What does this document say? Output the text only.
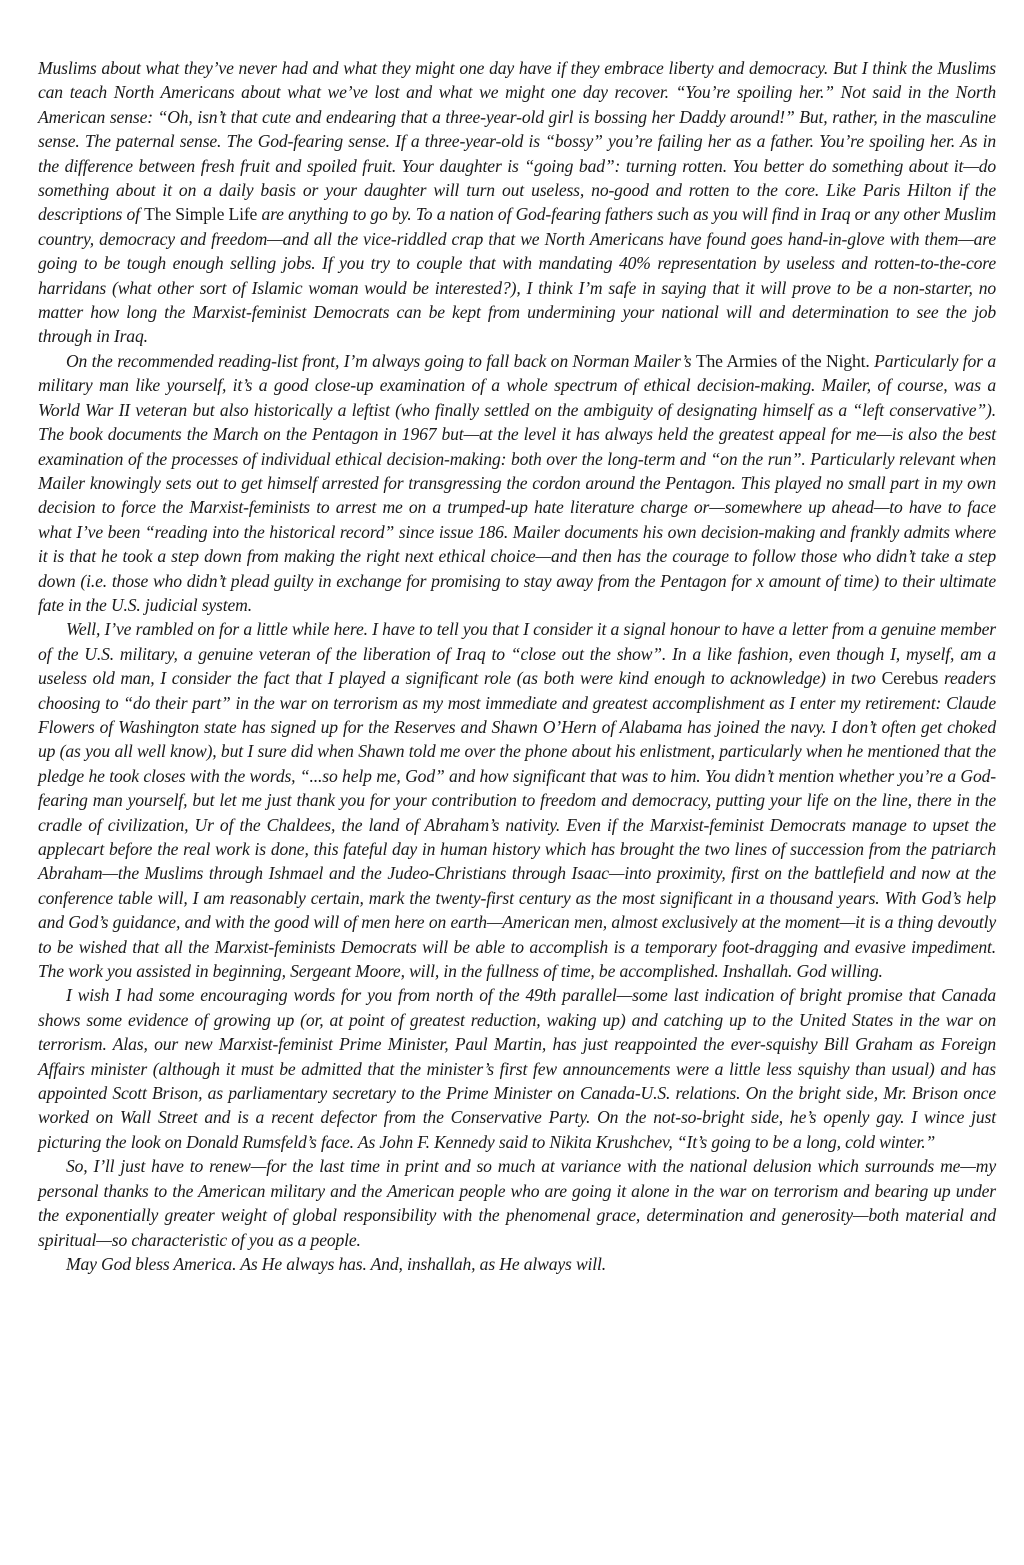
Muslims about what they’ve never had and what they might one day have if they embrace liberty and democracy. But I think the Muslims can teach North Americans about what we’ve lost and what we might one day recover. “You’re spoiling her.” Not said in the North American sense: “Oh, isn’t that cute and endearing that a three-year-old girl is bossing her Daddy around!” But, rather, in the masculine sense. The paternal sense. The God-fearing sense. If a three-year-old is “bossy” you’re failing her as a father. You’re spoiling her. As in the difference between fresh fruit and spoiled fruit. Your daughter is “going bad”: turning rotten. You better do something about it—do something about it on a daily basis or your daughter will turn out useless, no-good and rotten to the core. Like Paris Hilton if the descriptions of The Simple Life are anything to go by. To a nation of God-fearing fathers such as you will find in Iraq or any other Muslim country, democracy and freedom—and all the vice-riddled crap that we North Americans have found goes hand-in-glove with them—are going to be tough enough selling jobs. If you try to couple that with mandating 40% representation by useless and rotten-to-the-core harridans (what other sort of Islamic woman would be interested?), I think I’m safe in saying that it will prove to be a non-starter, no matter how long the Marxist-feminist Democrats can be kept from undermining your national will and determination to see the job through in Iraq.

On the recommended reading-list front, I’m always going to fall back on Norman Mailer’s The Armies of the Night. Particularly for a military man like yourself, it’s a good close-up examination of a whole spectrum of ethical decision-making. Mailer, of course, was a World War II veteran but also historically a leftist (who finally settled on the ambiguity of designating himself as a “left conservative”). The book documents the March on the Pentagon in 1967 but—at the level it has always held the greatest appeal for me—is also the best examination of the processes of individual ethical decision-making: both over the long-term and “on the run”. Particularly relevant when Mailer knowingly sets out to get himself arrested for transgressing the cordon around the Pentagon. This played no small part in my own decision to force the Marxist-feminists to arrest me on a trumped-up hate literature charge or—somewhere up ahead—to have to face what I’ve been “reading into the historical record” since issue 186. Mailer documents his own decision-making and frankly admits where it is that he took a step down from making the right next ethical choice—and then has the courage to follow those who didn’t take a step down (i.e. those who didn’t plead guilty in exchange for promising to stay away from the Pentagon for x amount of time) to their ultimate fate in the U.S. judicial system.

Well, I’ve rambled on for a little while here. I have to tell you that I consider it a signal honour to have a letter from a genuine member of the U.S. military, a genuine veteran of the liberation of Iraq to “close out the show”. In a like fashion, even though I, myself, am a useless old man, I consider the fact that I played a significant role (as both were kind enough to acknowledge) in two Cerebus readers choosing to “do their part” in the war on terrorism as my most immediate and greatest accomplishment as I enter my retirement: Claude Flowers of Washington state has signed up for the Reserves and Shawn O’Hern of Alabama has joined the navy. I don’t often get choked up (as you all well know), but I sure did when Shawn told me over the phone about his enlistment, particularly when he mentioned that the pledge he took closes with the words, “...so help me, God” and how significant that was to him. You didn’t mention whether you’re a God-fearing man yourself, but let me just thank you for your contribution to freedom and democracy, putting your life on the line, there in the cradle of civilization, Ur of the Chaldees, the land of Abraham’s nativity. Even if the Marxist-feminist Democrats manage to upset the applecart before the real work is done, this fateful day in human history which has brought the two lines of succession from the patriarch Abraham—the Muslims through Ishmael and the Judeo-Christians through Isaac—into proximity, first on the battlefield and now at the conference table will, I am reasonably certain, mark the twenty-first century as the most significant in a thousand years. With God’s help and God’s guidance, and with the good will of men here on earth—American men, almost exclusively at the moment—it is a thing devoutly to be wished that all the Marxist-feminists Democrats will be able to accomplish is a temporary foot-dragging and evasive impediment. The work you assisted in beginning, Sergeant Moore, will, in the fullness of time, be accomplished. Inshallah. God willing.

I wish I had some encouraging words for you from north of the 49th parallel—some last indication of bright promise that Canada shows some evidence of growing up (or, at point of greatest reduction, waking up) and catching up to the United States in the war on terrorism. Alas, our new Marxist-feminist Prime Minister, Paul Martin, has just reappointed the ever-squishy Bill Graham as Foreign Affairs minister (although it must be admitted that the minister’s first few announcements were a little less squishy than usual) and has appointed Scott Brison, as parliamentary secretary to the Prime Minister on Canada-U.S. relations. On the bright side, Mr. Brison once worked on Wall Street and is a recent defector from the Conservative Party. On the not-so-bright side, he’s openly gay. I wince just picturing the look on Donald Rumsfeld’s face. As John F. Kennedy said to Nikita Krushchev, “It’s going to be a long, cold winter.”

So, I’ll just have to renew—for the last time in print and so much at variance with the national delusion which surrounds me—my personal thanks to the American military and the American people who are going it alone in the war on terrorism and bearing up under the exponentially greater weight of global responsibility with the phenomenal grace, determination and generosity—both material and spiritual—so characteristic of you as a people.

May God bless America. As He always has. And, inshallah, as He always will.
